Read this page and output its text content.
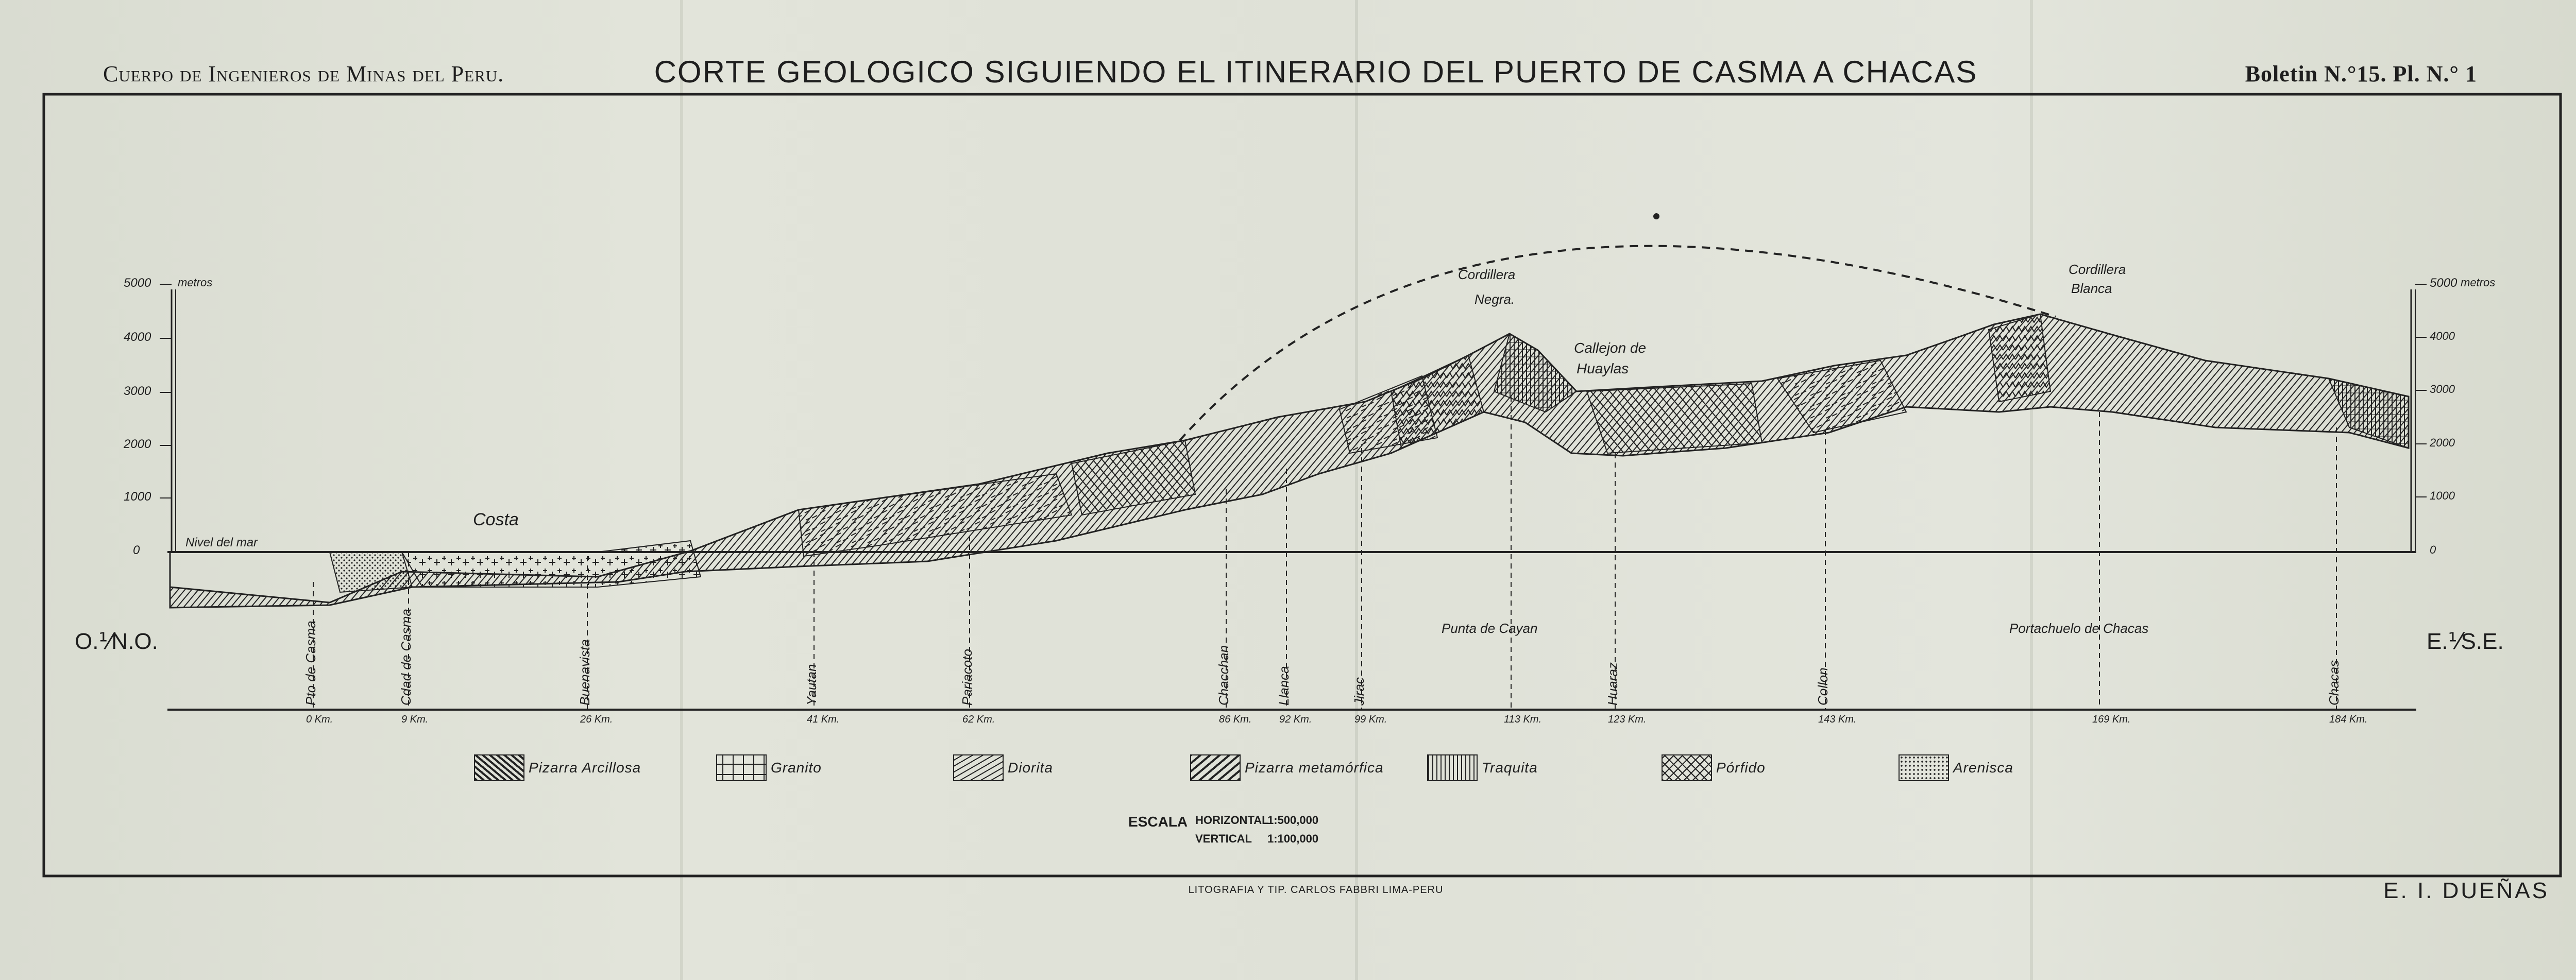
Cuerpo de Ingenieros de Minas del Peru.	CORTE GEOLOGICO SIGUIENDO EL ITINERARIO DEL PUERTO DE CASMA A CHACAS	Boletin N.°15. Pl. N.° 1
5000
4000
3000
2000
1000
0
metros	5000 metros
4000
3000
2000
1000
0
Nivel del mar
O.⅟N.O.	E.⅟S.E.
Cordillera
Negra.
Cordillera
Blanca
Callejon de
Huaylas
Costa
Pto de Casma
0 Km.
Cdad de Casma
9 Km.
Buenavista
26 Km.
Yautan
41 Km.
Pariacoto
62 Km.
Chacchan
86 Km.
Llanca
92 Km.
Jirac
99 Km.
Punta de Cayan
113 Km.
Huaraz
123 Km.
Collon
143 Km.
Portachuelo de Chacas
169 Km.
Chacas
184 Km.
Pizarra Arcillosa	Granito	Diorita	Pizarra metamórfica	Traquita	Pórfido	Arenisca
ESCALA HORIZONTAL1:500,000
VERTICAL 1:100,000
LITOGRAFIA Y TIP. CARLOS FABBRI LIMA-PERU	E. I. DUEÑAS
